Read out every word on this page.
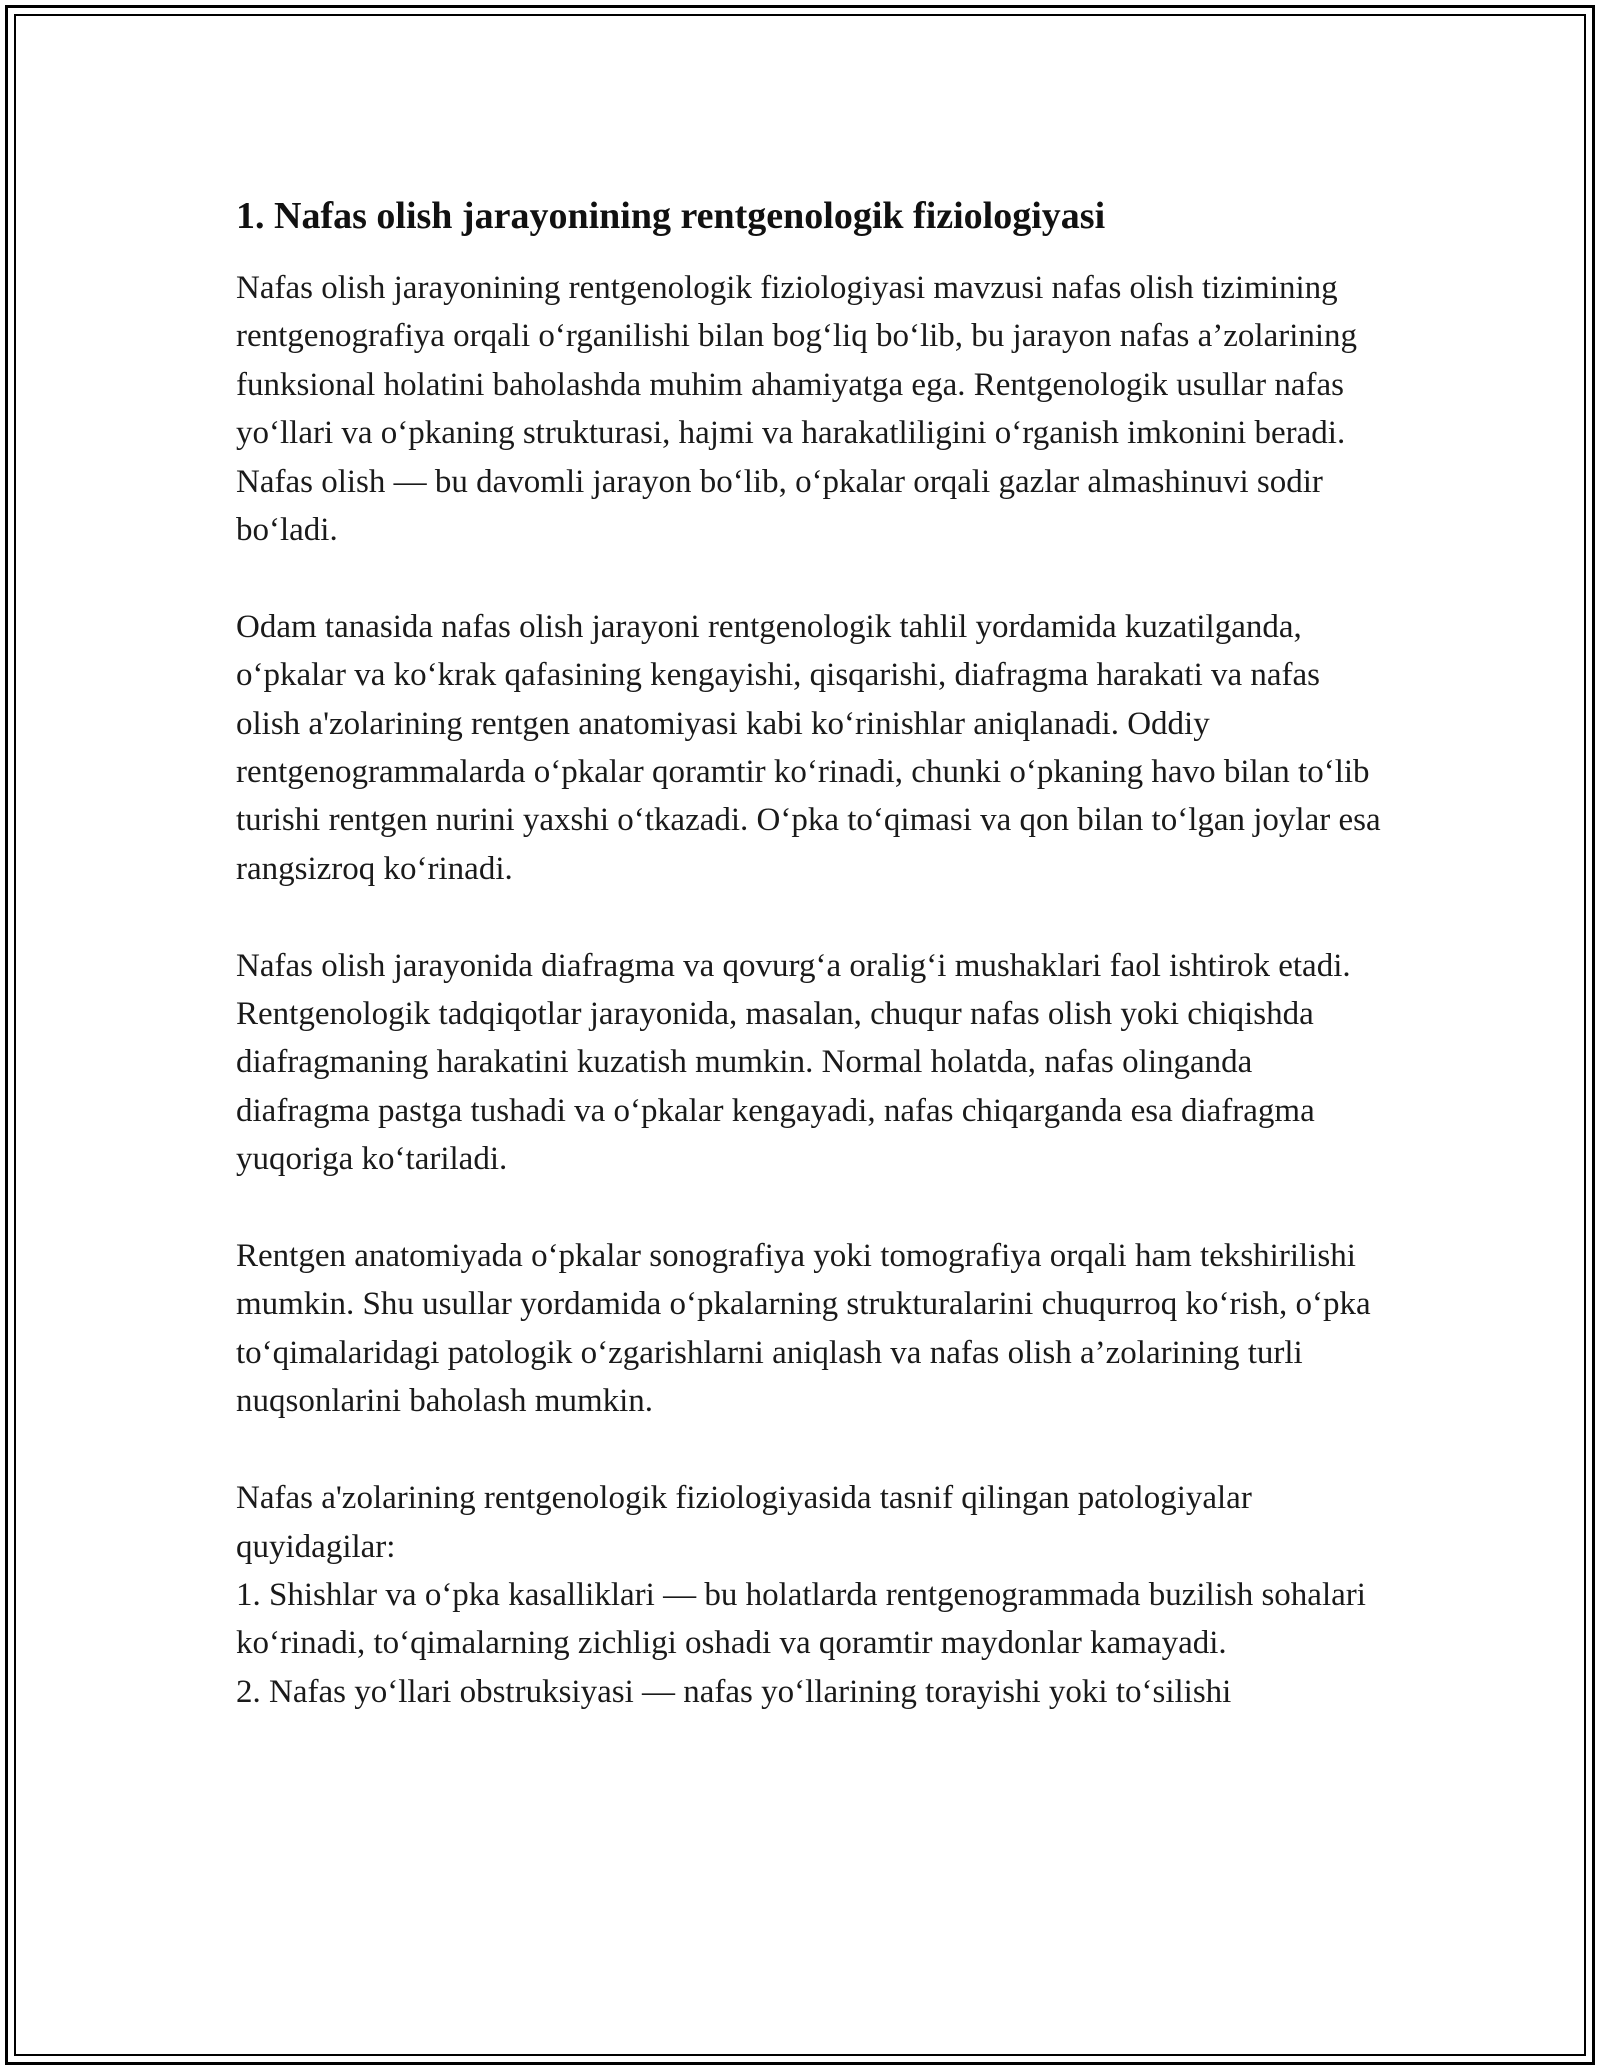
1. Nafas olish jarayonining rentgenologik fiziologiyasi

Nafas olish jarayonining rentgenologik fiziologiyasi mavzusi nafas olish tizimining rentgenografiya orqali o‘rganilishi bilan bog‘liq bo‘lib, bu jarayon nafas a’zolarining funksional holatini baholashda muhim ahamiyatga ega. Rentgenologik usullar nafas yo‘llari va o‘pkaning strukturasi, hajmi va harakatliligini o‘rganish imkonini beradi. Nafas olish — bu davomli jarayon bo‘lib, o‘pkalar orqali gazlar almashinuvi sodir bo‘ladi.

Odam tanasida nafas olish jarayoni rentgenologik tahlil yordamida kuzatilganda, o‘pkalar va ko‘krak qafasining kengayishi, qisqarishi, diafragma harakati va nafas olish a'zolarining rentgen anatomiyasi kabi ko‘rinishlar aniqlanadi. Oddiy rentgenogrammalarda o‘pkalar qoramtir ko‘rinadi, chunki o‘pkaning havo bilan to‘lib turishi rentgen nurini yaxshi o‘tkazadi. O‘pka to‘qimasi va qon bilan to‘lgan joylar esa rangsizroq ko‘rinadi.

Nafas olish jarayonida diafragma va qovurg‘a oralig‘i mushaklari faol ishtirok etadi. Rentgenologik tadqiqotlar jarayonida, masalan, chuqur nafas olish yoki chiqishda diafragmaning harakatini kuzatish mumkin. Normal holatda, nafas olinganda diafragma pastga tushadi va o‘pkalar kengayadi, nafas chiqarganda esa diafragma yuqoriga ko‘tariladi.

Rentgen anatomiyada o‘pkalar sonografiya yoki tomografiya orqali ham tekshirilishi mumkin. Shu usullar yordamida o‘pkalarning strukturalarini chuqurroq ko‘rish, o‘pka to‘qimalaridagi patologik o‘zgarishlarni aniqlash va nafas olish a’zolarining turli nuqsonlarini baholash mumkin.

Nafas a'zolarining rentgenologik fiziologiyasida tasnif qilingan patologiyalar quyidagilar:
1. Shishlar va o‘pka kasalliklari — bu holatlarda rentgenogrammada buzilish sohalari ko‘rinadi, to‘qimalarning zichligi oshadi va qoramtir maydonlar kamayadi.
2. Nafas yo‘llari obstruksiyasi — nafas yo‘llarining torayishi yoki to‘silishi
